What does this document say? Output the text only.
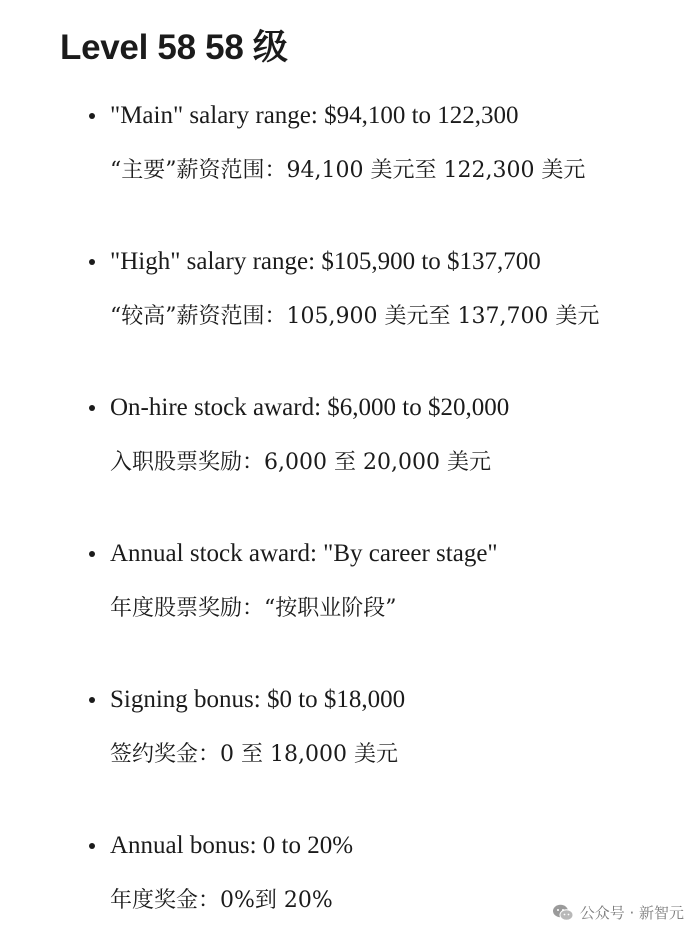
Level 58 58 级
"Main" salary range: $94,100 to 122,300
“主要”薪资范围：94,100 美元至 122,300 美元
"High" salary range: $105,900 to $137,700
“较高”薪资范围：105,900 美元至 137,700 美元
On-hire stock award: $6,000 to $20,000
入职股票奖励：6,000 至 20,000 美元
Annual stock award: "By career stage"
年度股票奖励：“按职业阶段”
Signing bonus: $0 to $18,000
签约奖金：0 至 18,000 美元
Annual bonus: 0 to 20%
年度奖金：0%到 20%	公众号 · 新智元
